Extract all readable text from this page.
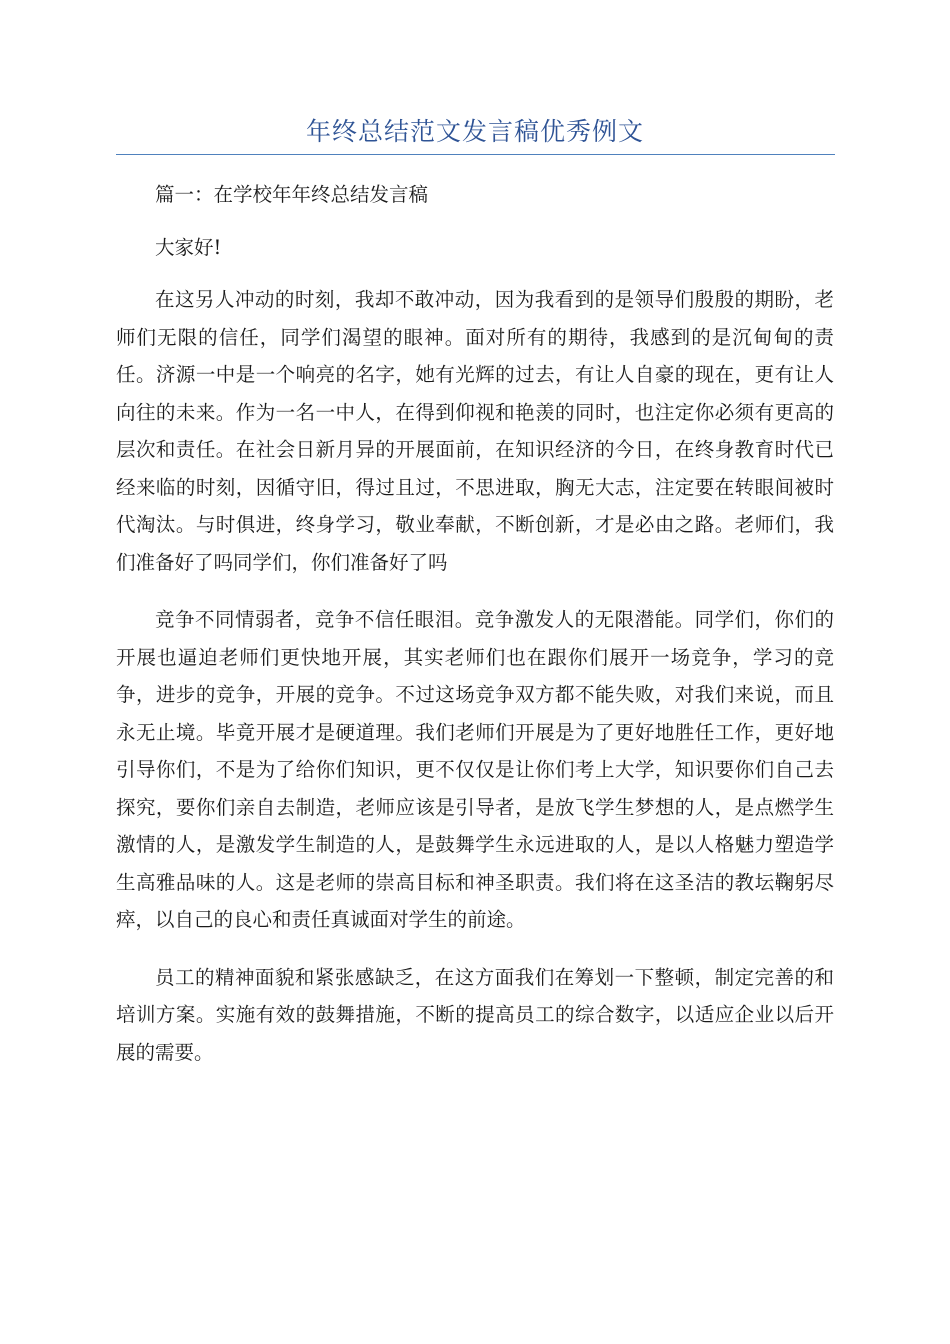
年终总结范文发言稿优秀例文

篇一：在学校年年终总结发言稿

大家好!

在这另人冲动的时刻，我却不敢冲动，因为我看到的是领导们殷殷的期盼，老师们无限的信任，同学们渴望的眼神。面对所有的期待，我感到的是沉甸甸的责任。济源一中是一个响亮的名字，她有光辉的过去，有让人自豪的现在，更有让人向往的未来。作为一名一中人，在得到仰视和艳羡的同时，也注定你必须有更高的层次和责任。在社会日新月异的开展面前，在知识经济的今日，在终身教育时代已经来临的时刻，因循守旧，得过且过，不思进取，胸无大志，注定要在转眼间被时代淘汰。与时俱进，终身学习，敬业奉献，不断创新，才是必由之路。老师们，我们准备好了吗同学们，你们准备好了吗

竞争不同情弱者，竞争不信任眼泪。竞争激发人的无限潜能。同学们，你们的开展也逼迫老师们更快地开展，其实老师们也在跟你们展开一场竞争，学习的竞争，进步的竞争，开展的竞争。不过这场竞争双方都不能失败，对我们来说，而且永无止境。毕竟开展才是硬道理。我们老师们开展是为了更好地胜任工作，更好地引导你们，不是为了给你们知识，更不仅仅是让你们考上大学，知识要你们自己去探究，要你们亲自去制造，老师应该是引导者，是放飞学生梦想的人，是点燃学生激情的人，是激发学生制造的人，是鼓舞学生永远进取的人，是以人格魅力塑造学生高雅品味的人。这是老师的崇高目标和神圣职责。我们将在这圣洁的教坛鞠躬尽瘁，以自己的良心和责任真诚面对学生的前途。

员工的精神面貌和紧张感缺乏，在这方面我们在筹划一下整顿，制定完善的和培训方案。实施有效的鼓舞措施，不断的提高员工的综合数字，以适应企业以后开展的需要。
